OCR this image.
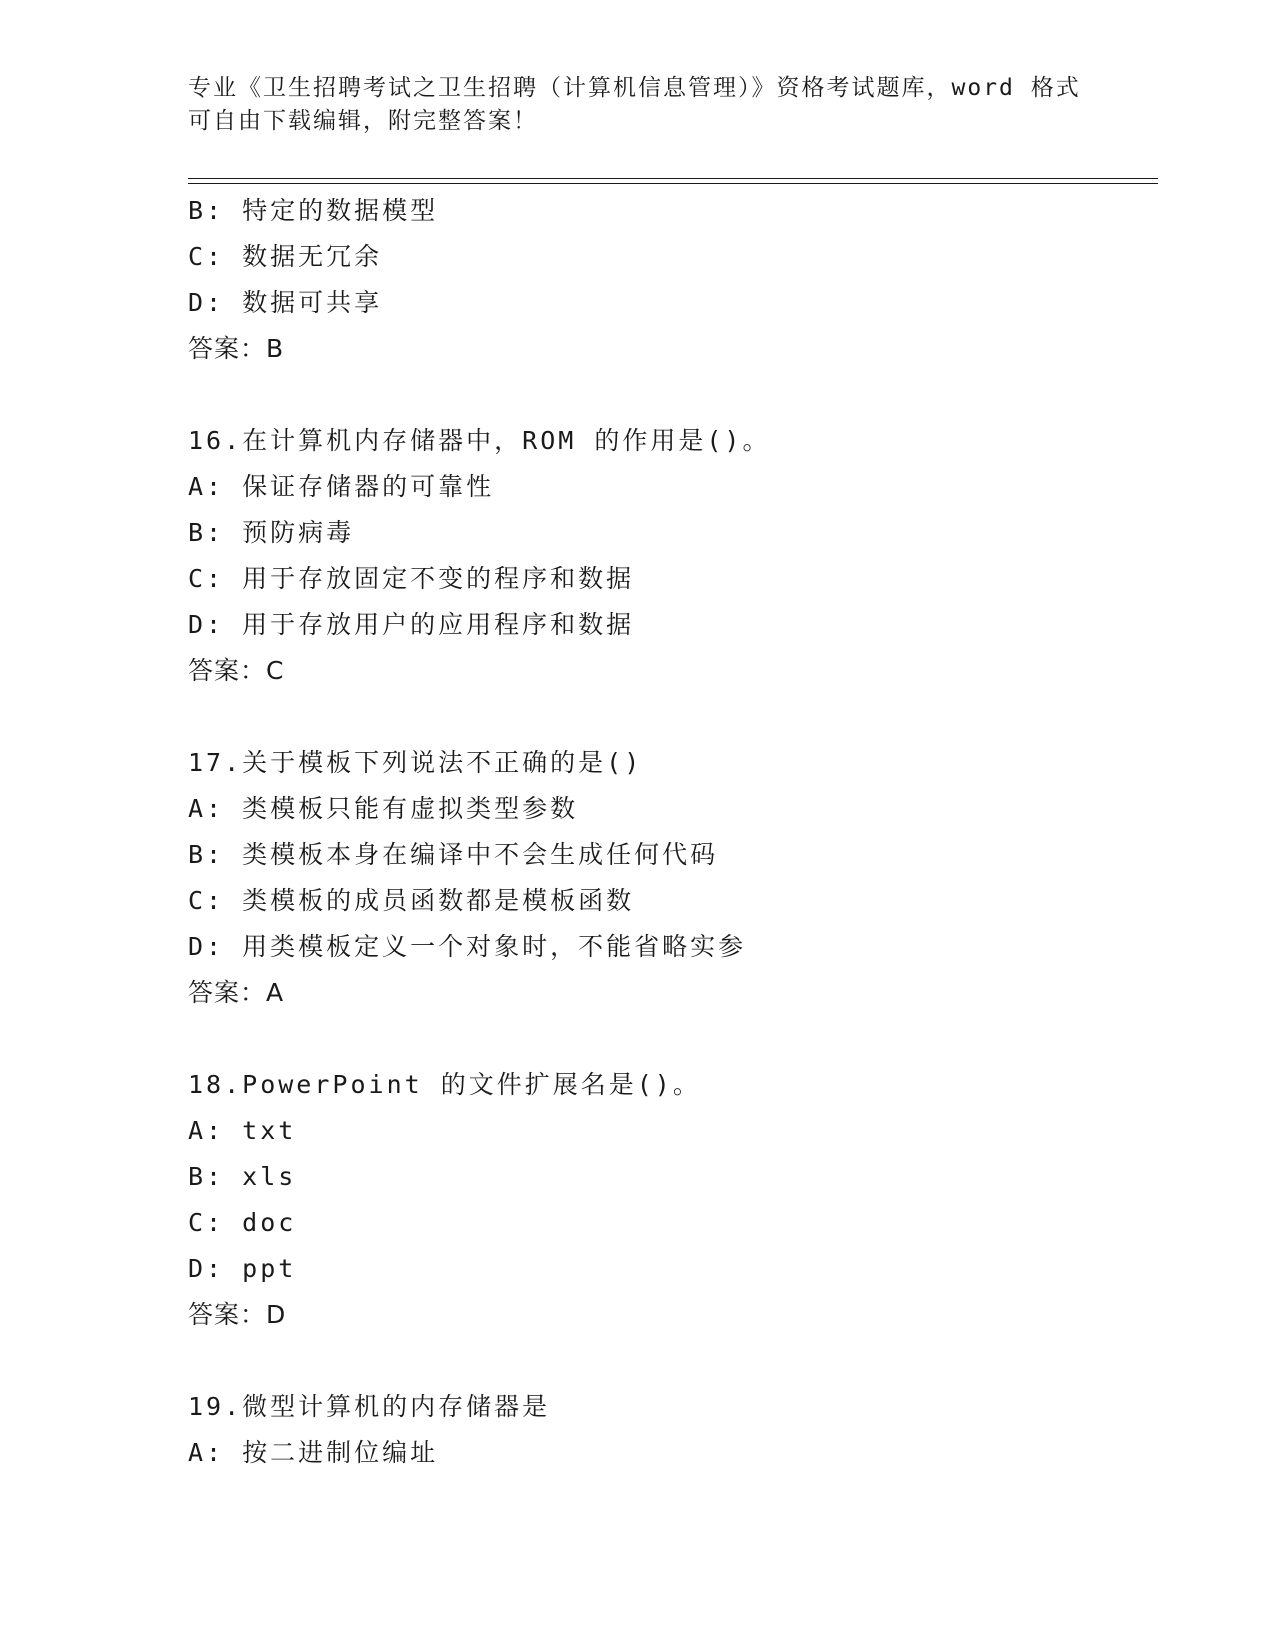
专业《卫生招聘考试之卫生招聘（计算机信息管理）》资格考试题库，word 格式
可自由下载编辑，附完整答案！
B: 特定的数据模型
C: 数据无冗余
D: 数据可共享
答案：B
16.在计算机内存储器中，ROM 的作用是()。
A: 保证存储器的可靠性
B: 预防病毒
C: 用于存放固定不变的程序和数据
D: 用于存放用户的应用程序和数据
答案：C
17.关于模板下列说法不正确的是()
A: 类模板只能有虚拟类型参数
B: 类模板本身在编译中不会生成任何代码
C: 类模板的成员函数都是模板函数
D: 用类模板定义一个对象时，不能省略实参
答案：A
18.PowerPoint 的文件扩展名是()。
A: txt
B: xls
C: doc
D: ppt
答案：D
19.微型计算机的内存储器是
A: 按二进制位编址
